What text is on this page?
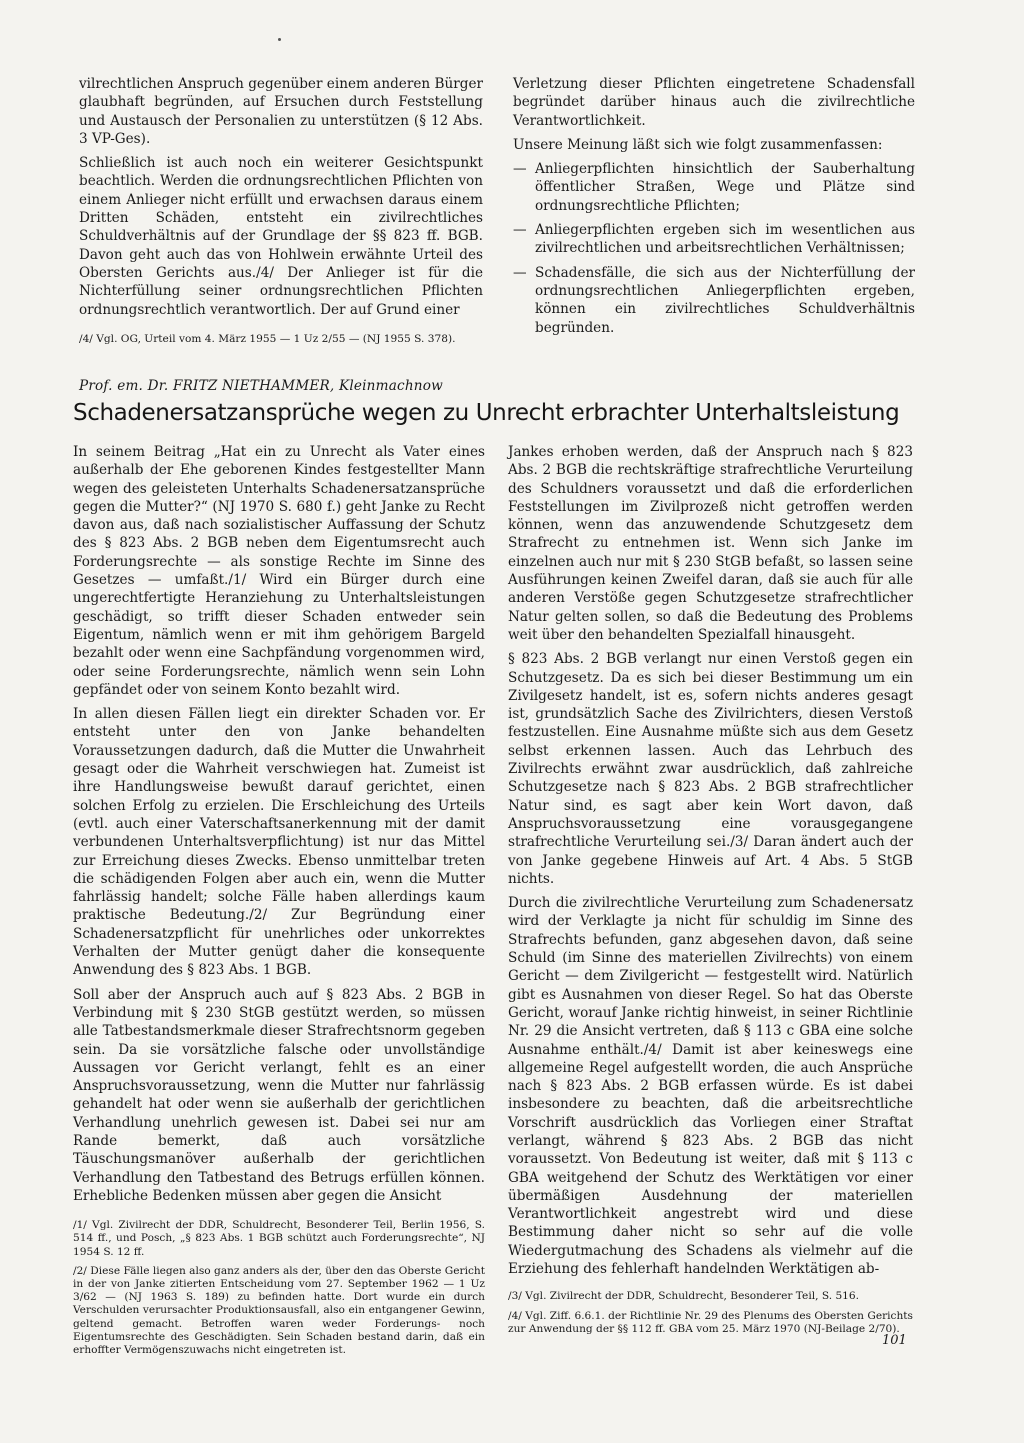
vilrechtlichen Anspruch gegenüber einem anderen Bürger glaubhaft begründen, auf Ersuchen durch Feststellung und Austausch der Personalien zu unterstützen (§ 12 Abs. 3 VP-Ges).

Schließlich ist auch noch ein weiterer Gesichtspunkt beachtlich. Werden die ordnungsrechtlichen Pflichten von einem Anlieger nicht erfüllt und erwachsen daraus einem Dritten Schäden, entsteht ein zivilrechtliches Schuldverhältnis auf der Grundlage der §§ 823 ff. BGB. Davon geht auch das von Hohlwein erwähnte Urteil des Obersten Gerichts aus./4/ Der Anlieger ist für die Nichterfüllung seiner ordnungsrechtlichen Pflichten ordnungsrechtlich verantwortlich. Der auf Grund einer

/4/ Vgl. OG, Urteil vom 4. März 1955 — 1 Uz 2/55 — (NJ 1955 S. 378).

Verletzung dieser Pflichten eingetretene Schadensfall begründet darüber hinaus auch die zivilrechtliche Verantwortlichkeit.

Unsere Meinung läßt sich wie folgt zusammenfassen:

— Anliegerpflichten hinsichtlich der Sauberhaltung öffentlicher Straßen, Wege und Plätze sind ordnungsrechtliche Pflichten;
— Anliegerpflichten ergeben sich im wesentlichen aus zivilrechtlichen und arbeitsrechtlichen Verhältnissen;
— Schadensfälle, die sich aus der Nichterfüllung der ordnungsrechtlichen Anliegerpflichten ergeben, können ein zivilrechtliches Schuldverhältnis begründen.
Prof. em. Dr. FRITZ NIETHAMMER, Kleinmachnow
Schadenersatzansprüche wegen zu Unrecht erbrachter Unterhaltsleistung

In seinem Beitrag „Hat ein zu Unrecht als Vater eines außerhalb der Ehe geborenen Kindes festgestellter Mann wegen des geleisteten Unterhalts Schadenersatzansprüche gegen die Mutter?“ (NJ 1970 S. 680 f.) geht Janke zu Recht davon aus, daß nach sozialistischer Auffassung der Schutz des § 823 Abs. 2 BGB neben dem Eigentumsrecht auch Forderungsrechte — als sonstige Rechte im Sinne des Gesetzes — umfaßt./1/ Wird ein Bürger durch eine ungerechtfertigte Heranziehung zu Unterhaltsleistungen geschädigt, so trifft dieser Schaden entweder sein Eigentum, nämlich wenn er mit ihm gehörigem Bargeld bezahlt oder wenn eine Sachpfändung vorgenommen wird, oder seine Forderungsrechte, nämlich wenn sein Lohn gepfändet oder von seinem Konto bezahlt wird.

In allen diesen Fällen liegt ein direkter Schaden vor. Er entsteht unter den von Janke behandelten Voraussetzungen dadurch, daß die Mutter die Unwahrheit gesagt oder die Wahrheit verschwiegen hat. Zumeist ist ihre Handlungsweise bewußt darauf gerichtet, einen solchen Erfolg zu erzielen. Die Erschleichung des Urteils (evtl. auch einer Vaterschaftsanerkennung mit der damit verbundenen Unterhaltsverpflichtung) ist nur das Mittel zur Erreichung dieses Zwecks. Ebenso unmittelbar treten die schädigenden Folgen aber auch ein, wenn die Mutter fahrlässig handelt; solche Fälle haben allerdings kaum praktische Bedeutung./2/ Zur Begründung einer Schadenersatzpflicht für unehrliches oder unkorrektes Verhalten der Mutter genügt daher die konsequente Anwendung des § 823 Abs. 1 BGB.

Soll aber der Anspruch auch auf § 823 Abs. 2 BGB in Verbindung mit § 230 StGB gestützt werden, so müssen alle Tatbestandsmerkmale dieser Strafrechtsnorm gegeben sein. Da sie vorsätzliche falsche oder unvollständige Aussagen vor Gericht verlangt, fehlt es an einer Anspruchsvoraussetzung, wenn die Mutter nur fahrlässig gehandelt hat oder wenn sie außerhalb der gerichtlichen Verhandlung unehrlich gewesen ist. Dabei sei nur am Rande bemerkt, daß auch vorsätzliche Täuschungsmanöver außerhalb der gerichtlichen Verhandlung den Tatbestand des Betrugs erfüllen können. Erhebliche Bedenken müssen aber gegen die Ansicht

/1/ Vgl. Zivilrecht der DDR, Schuldrecht, Besonderer Teil, Berlin 1956, S. 514 ff., und Posch, „§ 823 Abs. 1 BGB schützt auch Forderungsrechte“, NJ 1954 S. 12 ff.

/2/ Diese Fälle liegen also ganz anders als der, über den das Oberste Gericht in der von Janke zitierten Entscheidung vom 27. September 1962 — 1 Uz 3/62 — (NJ 1963 S. 189) zu befinden hatte. Dort wurde ein durch Verschulden verursachter Produktionsausfall, also ein entgangener Gewinn, geltend gemacht. Betroffen waren weder Forderungs- noch Eigentumsrechte des Geschädigten. Sein Schaden bestand darin, daß ein erhoffter Vermögenszuwachs nicht eingetreten ist.

Jankes erhoben werden, daß der Anspruch nach § 823 Abs. 2 BGB die rechtskräftige strafrechtliche Verurteilung des Schuldners voraussetzt und daß die erforderlichen Feststellungen im Zivilprozeß nicht getroffen werden können, wenn das anzuwendende Schutzgesetz dem Strafrecht zu entnehmen ist. Wenn sich Janke im einzelnen auch nur mit § 230 StGB befaßt, so lassen seine Ausführungen keinen Zweifel daran, daß sie auch für alle anderen Verstöße gegen Schutzgesetze strafrechtlicher Natur gelten sollen, so daß die Bedeutung des Problems weit über den behandelten Spezialfall hinausgeht.

§ 823 Abs. 2 BGB verlangt nur einen Verstoß gegen ein Schutzgesetz. Da es sich bei dieser Bestimmung um ein Zivilgesetz handelt, ist es, sofern nichts anderes gesagt ist, grundsätzlich Sache des Zivilrichters, diesen Verstoß festzustellen. Eine Ausnahme müßte sich aus dem Gesetz selbst erkennen lassen. Auch das Lehrbuch des Zivilrechts erwähnt zwar ausdrücklich, daß zahlreiche Schutzgesetze nach § 823 Abs. 2 BGB strafrechtlicher Natur sind, es sagt aber kein Wort davon, daß Anspruchsvoraussetzung eine vorausgegangene strafrechtliche Verurteilung sei./3/ Daran ändert auch der von Janke gegebene Hinweis auf Art. 4 Abs. 5 StGB nichts.

Durch die zivilrechtliche Verurteilung zum Schadenersatz wird der Verklagte ja nicht für schuldig im Sinne des Strafrechts befunden, ganz abgesehen davon, daß seine Schuld (im Sinne des materiellen Zivilrechts) von einem Gericht — dem Zivilgericht — festgestellt wird. Natürlich gibt es Ausnahmen von dieser Regel. So hat das Oberste Gericht, worauf Janke richtig hinweist, in seiner Richtlinie Nr. 29 die Ansicht vertreten, daß § 113 c GBA eine solche Ausnahme enthält./4/ Damit ist aber keineswegs eine allgemeine Regel aufgestellt worden, die auch Ansprüche nach § 823 Abs. 2 BGB erfassen würde. Es ist dabei insbesondere zu beachten, daß die arbeitsrechtliche Vorschrift ausdrücklich das Vorliegen einer Straftat verlangt, während § 823 Abs. 2 BGB das nicht voraussetzt. Von Bedeutung ist weiter, daß mit § 113 c GBA weitgehend der Schutz des Werktätigen vor einer übermäßigen Ausdehnung der materiellen Verantwortlichkeit angestrebt wird und diese Bestimmung daher nicht so sehr auf die volle Wiedergutmachung des Schadens als vielmehr auf die Erziehung des fehlerhaft handelnden Werktätigen ab-

/3/ Vgl. Zivilrecht der DDR, Schuldrecht, Besonderer Teil, S. 516.

/4/ Vgl. Ziff. 6.6.1. der Richtlinie Nr. 29 des Plenums des Obersten Gerichts zur Anwendung der §§ 112 ff. GBA vom 25. März 1970 (NJ-Beilage 2/70).

101
